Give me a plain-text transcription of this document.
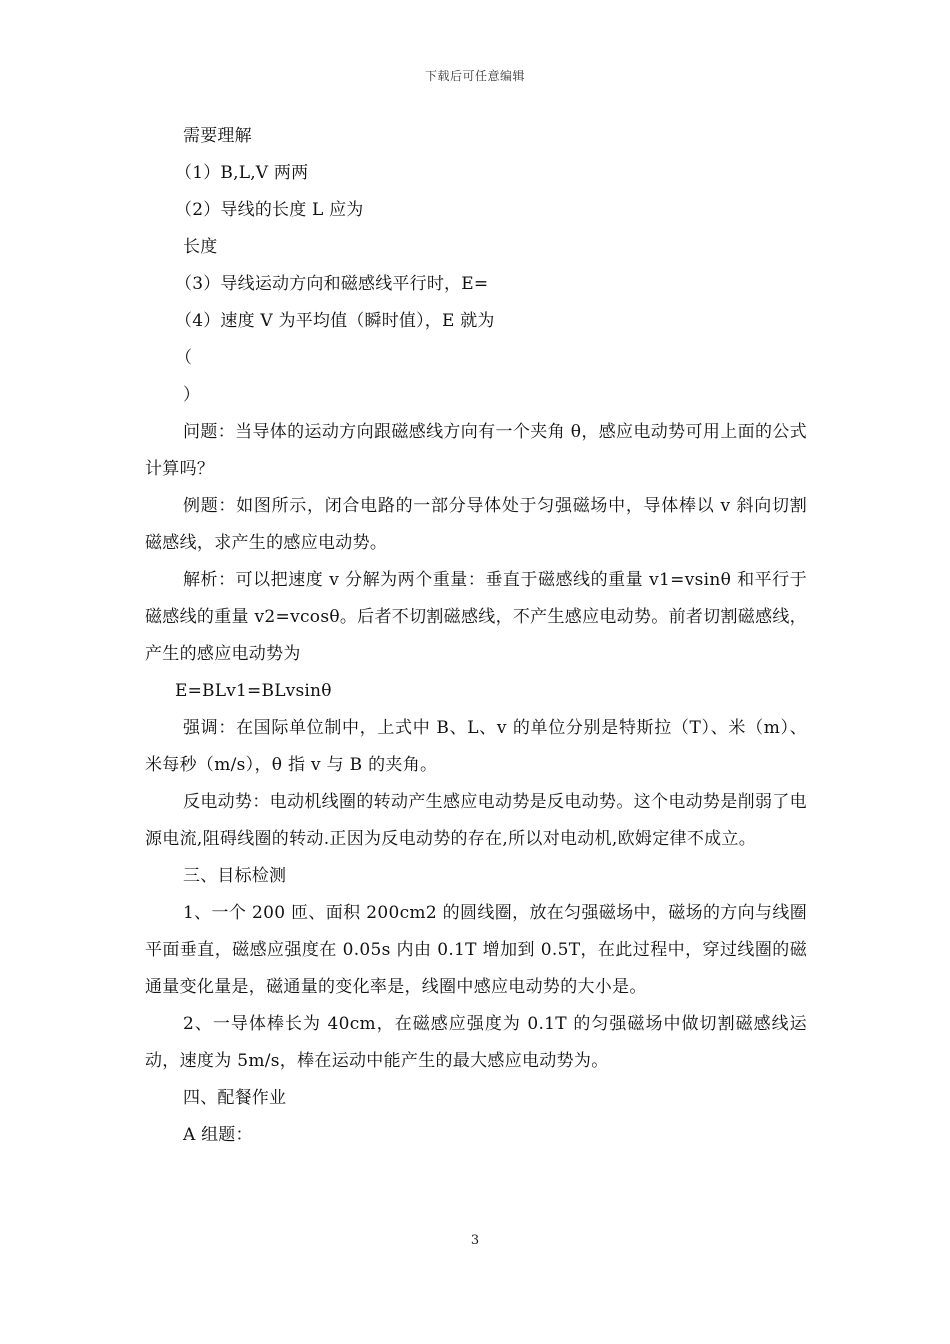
下载后可任意编辑
需要理解
（1）B,L,V 两两
（2）导线的长度 L 应为
长度
（3）导线运动方向和磁感线平行时，E=
（4）速度 V 为平均值（瞬时值），E 就为
（
）
问题：当导体的运动方向跟磁感线方向有一个夹角 θ，感应电动势可用上面的公式计算吗？
例题：如图所示，闭合电路的一部分导体处于匀强磁场中，导体棒以 v 斜向切割磁感线，求产生的感应电动势。
解析：可以把速度 v 分解为两个重量：垂直于磁感线的重量 v1=vsinθ 和平行于磁感线的重量 v2=vcosθ。后者不切割磁感线，不产生感应电动势。前者切割磁感线，产生的感应电动势为
E=BLv1=BLvsinθ
强调：在国际单位制中，上式中 B、L、v 的单位分别是特斯拉（T）、米（m）、米每秒（m/s），θ 指 v 与 B 的夹角。
反电动势：电动机线圈的转动产生感应电动势是反电动势。这个电动势是削弱了电源电流,阻碍线圈的转动.正因为反电动势的存在,所以对电动机,欧姆定律不成立。
三、目标检测
1、一个 200 匝、面积 200cm2 的圆线圈，放在匀强磁场中，磁场的方向与线圈平面垂直，磁感应强度在 0.05s 内由 0.1T 增加到 0.5T，在此过程中，穿过线圈的磁通量变化量是，磁通量的变化率是，线圈中感应电动势的大小是。
2、一导体棒长为 40cm，在磁感应强度为 0.1T 的匀强磁场中做切割磁感线运动，速度为 5m/s，棒在运动中能产生的最大感应电动势为。
四、配餐作业
A 组题：
3
